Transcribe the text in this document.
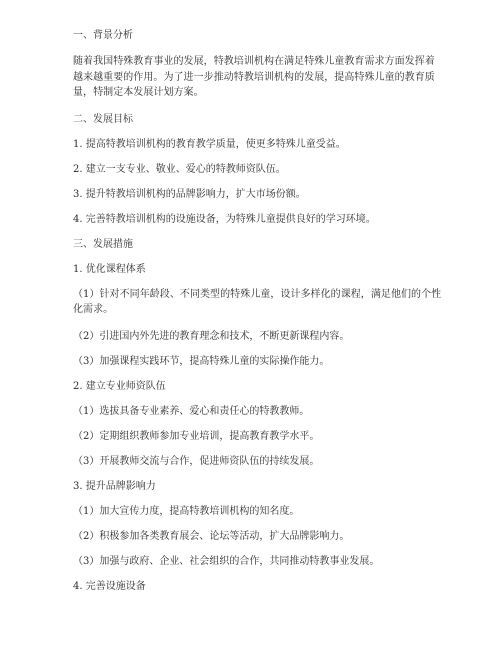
一、背景分析

随着我国特殊教育事业的发展，特教培训机构在满足特殊儿童教育需求方面发挥着越来越重要的作用。为了进一步推动特教培训机构的发展，提高特殊儿童的教育质量，特制定本发展计划方案。

二、发展目标

1. 提高特教培训机构的教育教学质量，使更多特殊儿童受益。

2. 建立一支专业、敬业、爱心的特教师资队伍。

3. 提升特教培训机构的品牌影响力，扩大市场份额。

4. 完善特教培训机构的设施设备，为特殊儿童提供良好的学习环境。

三、发展措施

1. 优化课程体系

（1）针对不同年龄段、不同类型的特殊儿童，设计多样化的课程，满足他们的个性化需求。

（2）引进国内外先进的教育理念和技术，不断更新课程内容。

（3）加强课程实践环节，提高特殊儿童的实际操作能力。

2. 建立专业师资队伍

（1）选拔具备专业素养、爱心和责任心的特教教师。

（2）定期组织教师参加专业培训，提高教育教学水平。

（3）开展教师交流与合作，促进师资队伍的持续发展。

3. 提升品牌影响力

（1）加大宣传力度，提高特教培训机构的知名度。

（2）积极参加各类教育展会、论坛等活动，扩大品牌影响力。

（3）加强与政府、企业、社会组织的合作，共同推动特教事业发展。

4. 完善设施设备
